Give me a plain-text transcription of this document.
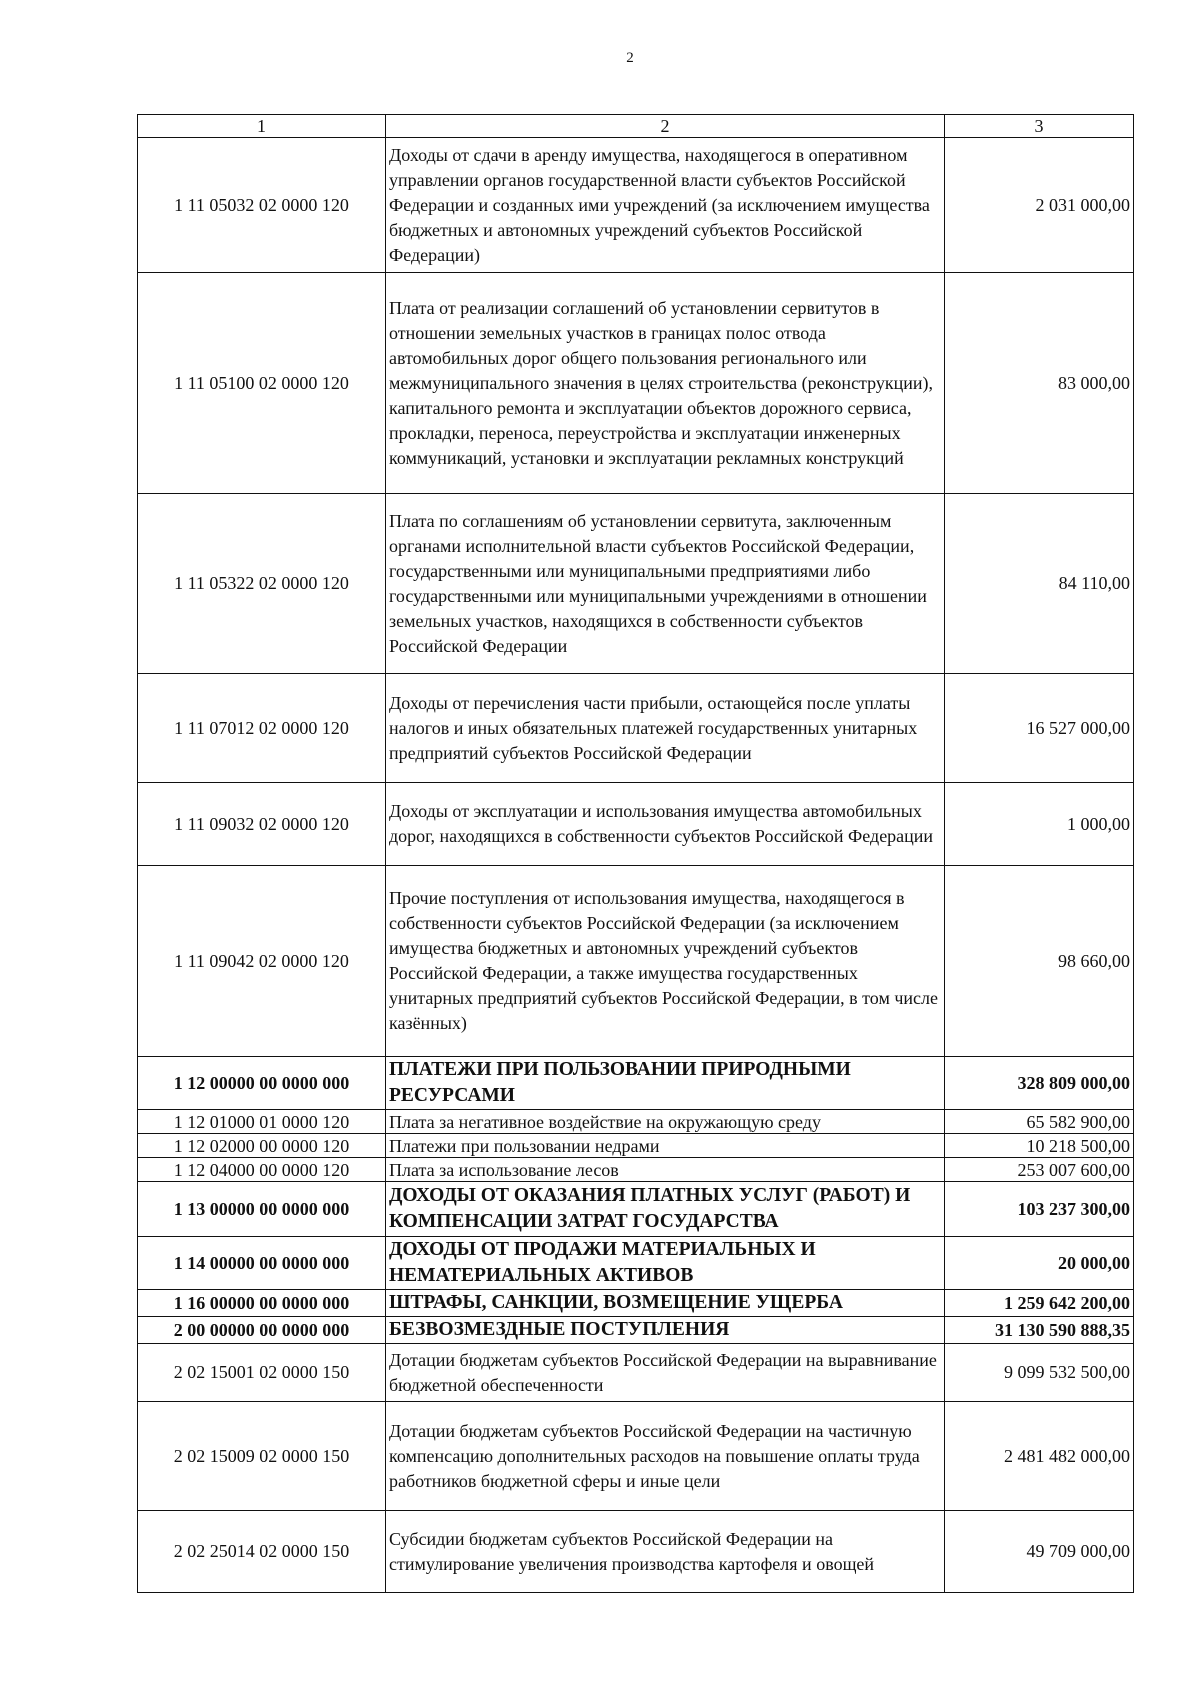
2
1	2	3
1 11 05032 02 0000 120	Доходы от сдачи в аренду имущества, находящегося в оперативном управлении органов государственной власти субъектов Российской Федерации и созданных ими учреждений (за исключением имущества бюджетных и автономных учреждений субъектов Российской Федерации)	2 031 000,00
1 11 05100 02 0000 120	Плата от реализации соглашений об установлении сервитутов в отношении земельных участков в границах полос отвода автомобильных дорог общего пользования регионального или межмуниципального значения в целях строительства (реконструкции), капитального ремонта и эксплуатации объектов дорожного сервиса, прокладки, переноса, переустройства и эксплуатации инженерных коммуникаций, установки и эксплуатации рекламных конструкций	83 000,00
1 11 05322 02 0000 120	Плата по соглашениям об установлении сервитута, заключенным органами исполнительной власти субъектов Российской Федерации, государственными или муниципальными предприятиями либо государственными или муниципальными учреждениями в отношении земельных участков, находящихся в собственности субъектов Российской Федерации	84 110,00
1 11 07012 02 0000 120	Доходы от перечисления части прибыли, остающейся после уплаты налогов и иных обязательных платежей государственных унитарных предприятий субъектов Российской Федерации	16 527 000,00
1 11 09032 02 0000 120	Доходы от эксплуатации и использования имущества автомобильных дорог, находящихся в собственности субъектов Российской Федерации	1 000,00
1 11 09042 02 0000 120	Прочие поступления от использования имущества, находящегося в собственности субъектов Российской Федерации (за исключением имущества бюджетных и автономных учреждений субъектов Российской Федерации, а также имущества государственных унитарных предприятий субъектов Российской Федерации, в том числе казённых)	98 660,00
1 12 00000 00 0000 000	ПЛАТЕЖИ ПРИ ПОЛЬЗОВАНИИ ПРИРОДНЫМИ РЕСУРСАМИ	328 809 000,00
1 12 01000 01 0000 120	Плата за негативное воздействие на окружающую среду	65 582 900,00
1 12 02000 00 0000 120	Платежи при пользовании недрами	10 218 500,00
1 12 04000 00 0000 120	Плата за использование лесов	253 007 600,00
1 13 00000 00 0000 000	ДОХОДЫ ОТ ОКАЗАНИЯ ПЛАТНЫХ УСЛУГ (РАБОТ) И КОМПЕНСАЦИИ ЗАТРАТ ГОСУДАРСТВА	103 237 300,00
1 14 00000 00 0000 000	ДОХОДЫ ОТ ПРОДАЖИ МАТЕРИАЛЬНЫХ И НЕМАТЕРИАЛЬНЫХ АКТИВОВ	20 000,00
1 16 00000 00 0000 000	ШТРАФЫ, САНКЦИИ, ВОЗМЕЩЕНИЕ УЩЕРБА	1 259 642 200,00
2 00 00000 00 0000 000	БЕЗВОЗМЕЗДНЫЕ ПОСТУПЛЕНИЯ	31 130 590 888,35
2 02 15001 02 0000 150	Дотации бюджетам субъектов Российской Федерации на выравнивание бюджетной обеспеченности	9 099 532 500,00
2 02 15009 02 0000 150	Дотации бюджетам субъектов Российской Федерации на частичную компенсацию дополнительных расходов на повышение оплаты труда работников бюджетной сферы и иные цели	2 481 482 000,00
2 02 25014 02 0000 150	Субсидии бюджетам субъектов Российской Федерации на стимулирование увеличения производства картофеля и овощей	49 709 000,00
